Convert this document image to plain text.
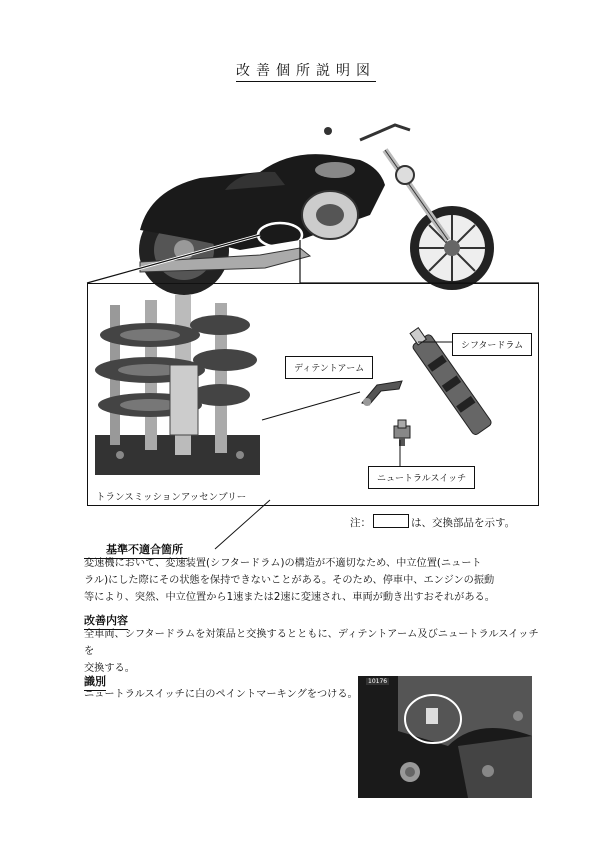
改善個所説明図
シフタードラム
ディテントアーム
ニュートラルスイッチ
トランスミッションアッセンブリー
注：	は、交換部品を示す。
基準不適合箇所
変速機において、変速装置(シフタードラム)の構造が不適切なため、中立位置(ニュート
ラル)にした際にその状態を保持できないことがある。そのため、停車中、エンジンの振動
等により、突然、中立位置から1速または2速に変速され、車両が動き出すおそれがある。
改善内容
全車両、シフタードラムを対策品と交換するとともに、ディテントアーム及びニュートラルスイッチを
交換する。
識別
ニュートラルスイッチに白のペイントマーキングをつける。
10176
